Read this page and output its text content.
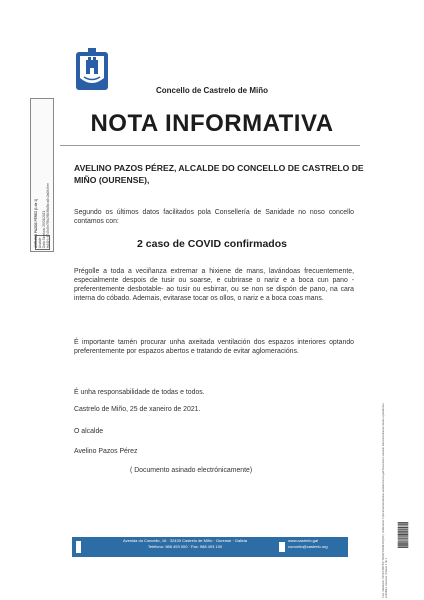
Concello de Castrelo de Miño
NOTA INFORMATIVA
AVELINO PAZOS PÉREZ, ALCALDE DO CONCELLO DE CASTRELO DE MIÑO (OURENSE),
Segundo os últimos datos facilitados pola Consellería de Sanidade no noso concello contamos con:
2 caso de COVID confirmados
Prégolle a toda a veciñanza extremar a hixiene de mans, lavándoas frecuentemente, especialmente despois de tusir ou soarse, e cubrirase o nariz e a boca cun pano -preferentemente desbotable- ao tusir ou esbirrar, ou se non se dispón de pano, na cara interna do cóbado. Ademais, evitarase tocar os ollos, o nariz e a boca coas mans.
É importante tamén procurar unha axeitada ventilación dos espazos interiores optando preferentemente por espazos abertos e tratando de evitar aglomeracións.
É unha responsabilidade de todas e todos.
Castrelo de Miño, 25 de xaneiro de 2021.
O alcalde
Avelino Pazos Pérez
( Documento asinado electrónicamente)
Avenida do Concello, 16 · 32430 Castrelo de Miño · Ourense · Galicia
Teléfono: 988 493 000 · Fax: 988 493 100
www.castrelo.gal
concello@castrelo.org
AVELINO PAZOS PÉREZ (1 de 1) Alcalde Data Sinatura: 25/01/2021 HASH: 6745c5e7f5b2f5b38d3bca5c2a08c5ee
Cód. Validación: 9R7ECD9TZQ7NRGDTHDDLZFQKC | Verificación: https://castrelodemino.sedelectronica.gal/ Documento asinado electrónicamente desde a plataforma esPublico Xestiona | Páxina 1 de 1
